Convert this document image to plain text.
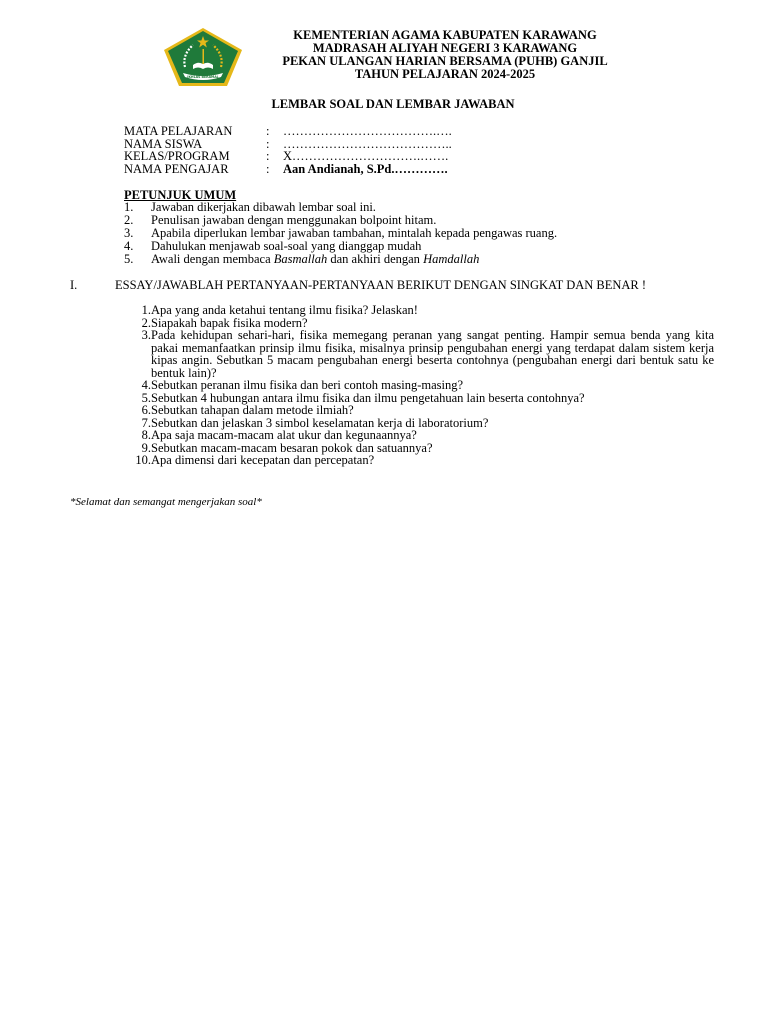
IKHLAS BERAMAL
KEMENTERIAN AGAMA KABUPATEN KARAWANG
MADRASAH ALIYAH NEGERI 3 KARAWANG
PEKAN ULANGAN HARIAN BERSAMA (PUHB) GANJIL
TAHUN PELAJARAN 2024-2025
LEMBAR SOAL DAN LEMBAR JAWABAN
MATA PELAJARAN	:	……………………………….….
NAMA SISWA	:	…………………………………..
KELAS/PROGRAM	:	X………………………….…….
NAMA PENGAJAR	:	Aan Andianah, S.Pd.………….
PETUNJUK UMUM
1.	Jawaban dikerjakan dibawah lembar soal ini.
2.	Penulisan jawaban dengan menggunakan bolpoint hitam.
3.	Apabila diperlukan lembar jawaban tambahan, mintalah kepada pengawas ruang.
4.	Dahulukan menjawab soal-soal yang dianggap mudah
5.	Awali dengan membaca Basmallah dan akhiri dengan Hamdallah
I.	ESSAY/JAWABLAH PERTANYAAN-PERTANYAAN BERIKUT DENGAN SINGKAT DAN BENAR !
1. Apa yang anda ketahui tentang ilmu fisika? Jelaskan!
2. Siapakah bapak fisika modern?
3. Pada kehidupan sehari-hari, fisika memegang peranan yang sangat penting. Hampir semua benda yang kita pakai memanfaatkan prinsip ilmu fisika, misalnya prinsip pengubahan energi yang terdapat dalam sistem kerja kipas angin. Sebutkan 5 macam pengubahan energi beserta contohnya (pengubahan energi dari bentuk satu ke bentuk lain)?
4. Sebutkan peranan ilmu fisika dan beri contoh masing-masing?
5. Sebutkan 4 hubungan antara ilmu fisika dan ilmu pengetahuan lain beserta contohnya?
6. Sebutkan tahapan dalam metode ilmiah?
7. Sebutkan dan jelaskan 3 simbol keselamatan kerja di laboratorium?
8. Apa saja macam-macam alat ukur dan kegunaannya?
9. Sebutkan macam-macam besaran pokok dan satuannya?
10. Apa dimensi dari kecepatan dan percepatan?
*Selamat dan semangat mengerjakan soal*
